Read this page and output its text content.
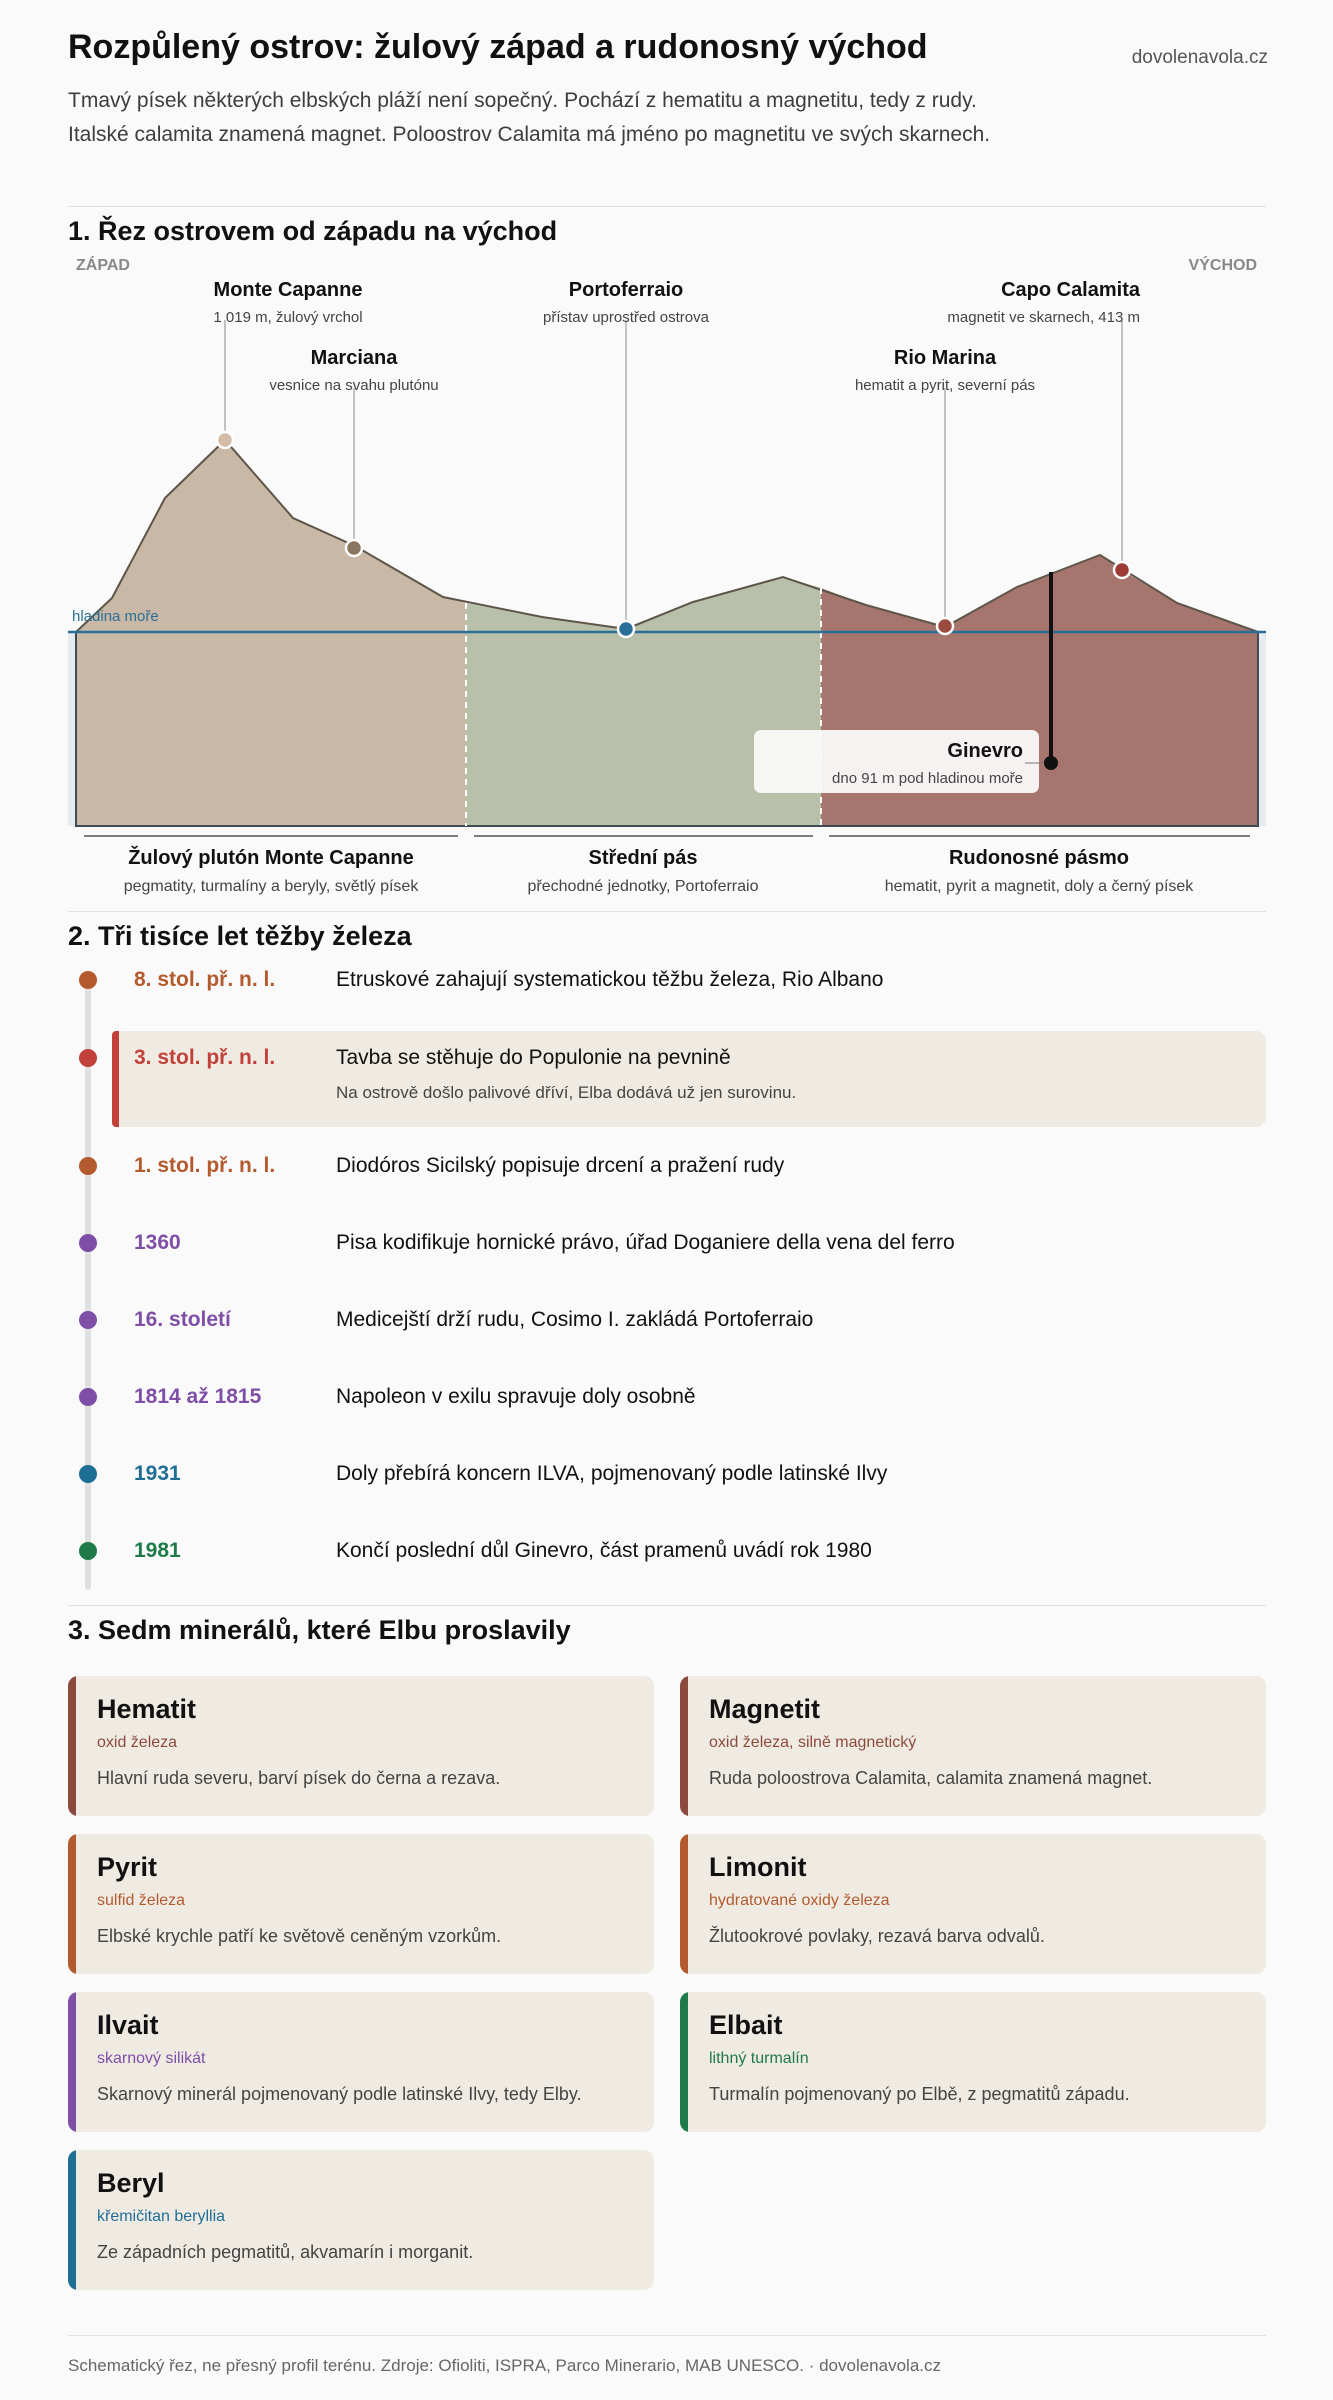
Rozpůlený ostrov: žulový západ a rudonosný východ	dovolenavola.cz
Tmavý písek některých elbských pláží není sopečný. Pochází z hematitu a magnetitu, tedy z rudy.
Italské calamita znamená magnet. Poloostrov Calamita má jméno po magnetitu ve svých skarnech.
1. Řez ostrovem od západu na východ
hladina moře
ZÁPAD	VÝCHOD
Monte Capanne
1 019 m, žulový vrchol
Marciana
vesnice na svahu plutónu
Portoferraio
přístav uprostřed ostrova
Rio Marina
hematit a pyrit, severní pás
Capo Calamita
magnetit ve skarnech, 413 m
Ginevro
dno 91 m pod hladinou moře
Žulový plutón Monte Capanne
pegmatity, turmalíny a beryly, světlý písek
Střední pás
přechodné jednotky, Portoferraio
Rudonosné pásmo
hematit, pyrit a magnetit, doly a černý písek
2. Tři tisíce let těžby železa
8. stol. př. n. l.	Etruskové zahajují systematickou těžbu železa, Rio Albano
3. stol. př. n. l.	Tavba se stěhuje do Populonie na pevnině
Na ostrově došlo palivové dříví, Elba dodává už jen surovinu.
1. stol. př. n. l.	Diodóros Sicilský popisuje drcení a pražení rudy
1360	Pisa kodifikuje hornické právo, úřad Doganiere della vena del ferro
16. století	Medicejští drží rudu, Cosimo I. zakládá Portoferraio
1814 až 1815	Napoleon v exilu spravuje doly osobně
1931	Doly přebírá koncern ILVA, pojmenovaný podle latinské Ilvy
1981	Končí poslední důl Ginevro, část pramenů uvádí rok 1980
3. Sedm minerálů, které Elbu proslavily
Hematit
oxid železa
Hlavní ruda severu, barví písek do černa a rezava.
Magnetit
oxid železa, silně magnetický
Ruda poloostrova Calamita, calamita znamená magnet.
Pyrit
sulfid železa
Elbské krychle patří ke světově ceněným vzorkům.
Limonit
hydratované oxidy železa
Žlutookrové povlaky, rezavá barva odvalů.
Ilvait
skarnový silikát
Skarnový minerál pojmenovaný podle latinské Ilvy, tedy Elby.
Elbait
lithný turmalín
Turmalín pojmenovaný po Elbě, z pegmatitů západu.
Beryl
křemičitan beryllia
Ze západních pegmatitů, akvamarín i morganit.
Schematický řez, ne přesný profil terénu. Zdroje: Ofioliti, ISPRA, Parco Minerario, MAB UNESCO. · dovolenavola.cz
